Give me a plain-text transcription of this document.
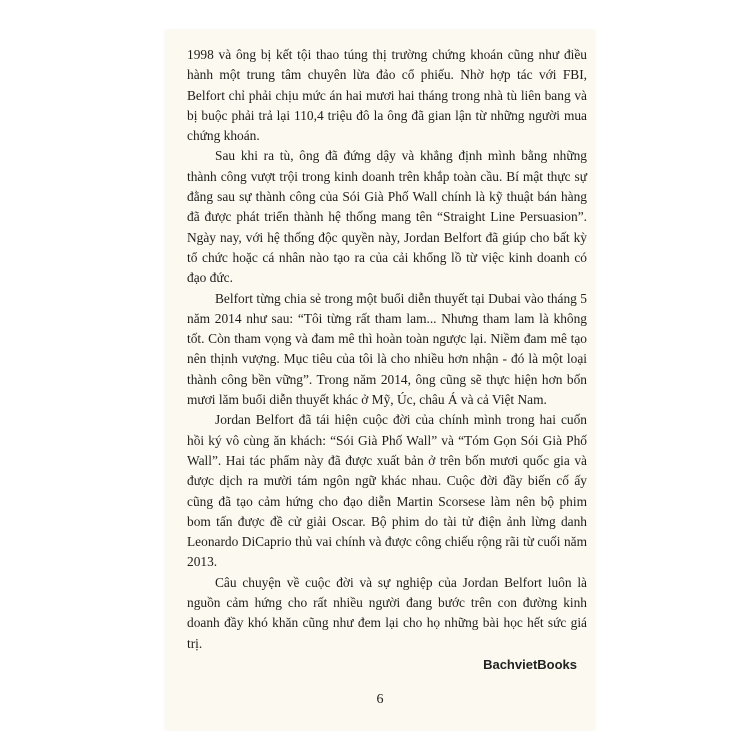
1998 và ông bị kết tội thao túng thị trường chứng khoán cũng như điều hành một trung tâm chuyên lừa đảo cổ phiếu. Nhờ hợp tác với FBI, Belfort chỉ phải chịu mức án hai mươi hai tháng trong nhà tù liên bang và bị buộc phải trả lại 110,4 triệu đô la ông đã gian lận từ những người mua chứng khoán.

Sau khi ra tù, ông đã đứng dậy và khẳng định mình bằng những thành công vượt trội trong kinh doanh trên khắp toàn cầu. Bí mật thực sự đằng sau sự thành công của Sói Già Phố Wall chính là kỹ thuật bán hàng đã được phát triển thành hệ thống mang tên “Straight Line Persuasion”. Ngày nay, với hệ thống độc quyền này, Jordan Belfort đã giúp cho bất kỳ tổ chức hoặc cá nhân nào tạo ra của cải khổng lồ từ việc kinh doanh có đạo đức.

Belfort từng chia sẻ trong một buổi diễn thuyết tại Dubai vào tháng 5 năm 2014 như sau: “Tôi từng rất tham lam... Nhưng tham lam là không tốt. Còn tham vọng và đam mê thì hoàn toàn ngược lại. Niềm đam mê tạo nên thịnh vượng. Mục tiêu của tôi là cho nhiều hơn nhận - đó là một loại thành công bền vững”. Trong năm 2014, ông cũng sẽ thực hiện hơn bốn mươi lăm buổi diễn thuyết khác ở Mỹ, Úc, châu Á và cả Việt Nam.

Jordan Belfort đã tái hiện cuộc đời của chính mình trong hai cuốn hồi ký vô cùng ăn khách: “Sói Già Phố Wall” và “Tóm Gọn Sói Già Phố Wall”. Hai tác phẩm này đã được xuất bản ở trên bốn mươi quốc gia và được dịch ra mười tám ngôn ngữ khác nhau. Cuộc đời đầy biến cố ấy cũng đã tạo cảm hứng cho đạo diễn Martin Scorsese làm nên bộ phim bom tấn được đề cử giải Oscar. Bộ phim do tài tử điện ảnh lừng danh Leonardo DiCaprio thủ vai chính và được công chiếu rộng rãi từ cuối năm 2013.

Câu chuyện về cuộc đời và sự nghiệp của Jordan Belfort luôn là nguồn cảm hứng cho rất nhiều người đang bước trên con đường kinh doanh đầy khó khăn cũng như đem lại cho họ những bài học hết sức giá trị.

BachvietBooks
6
